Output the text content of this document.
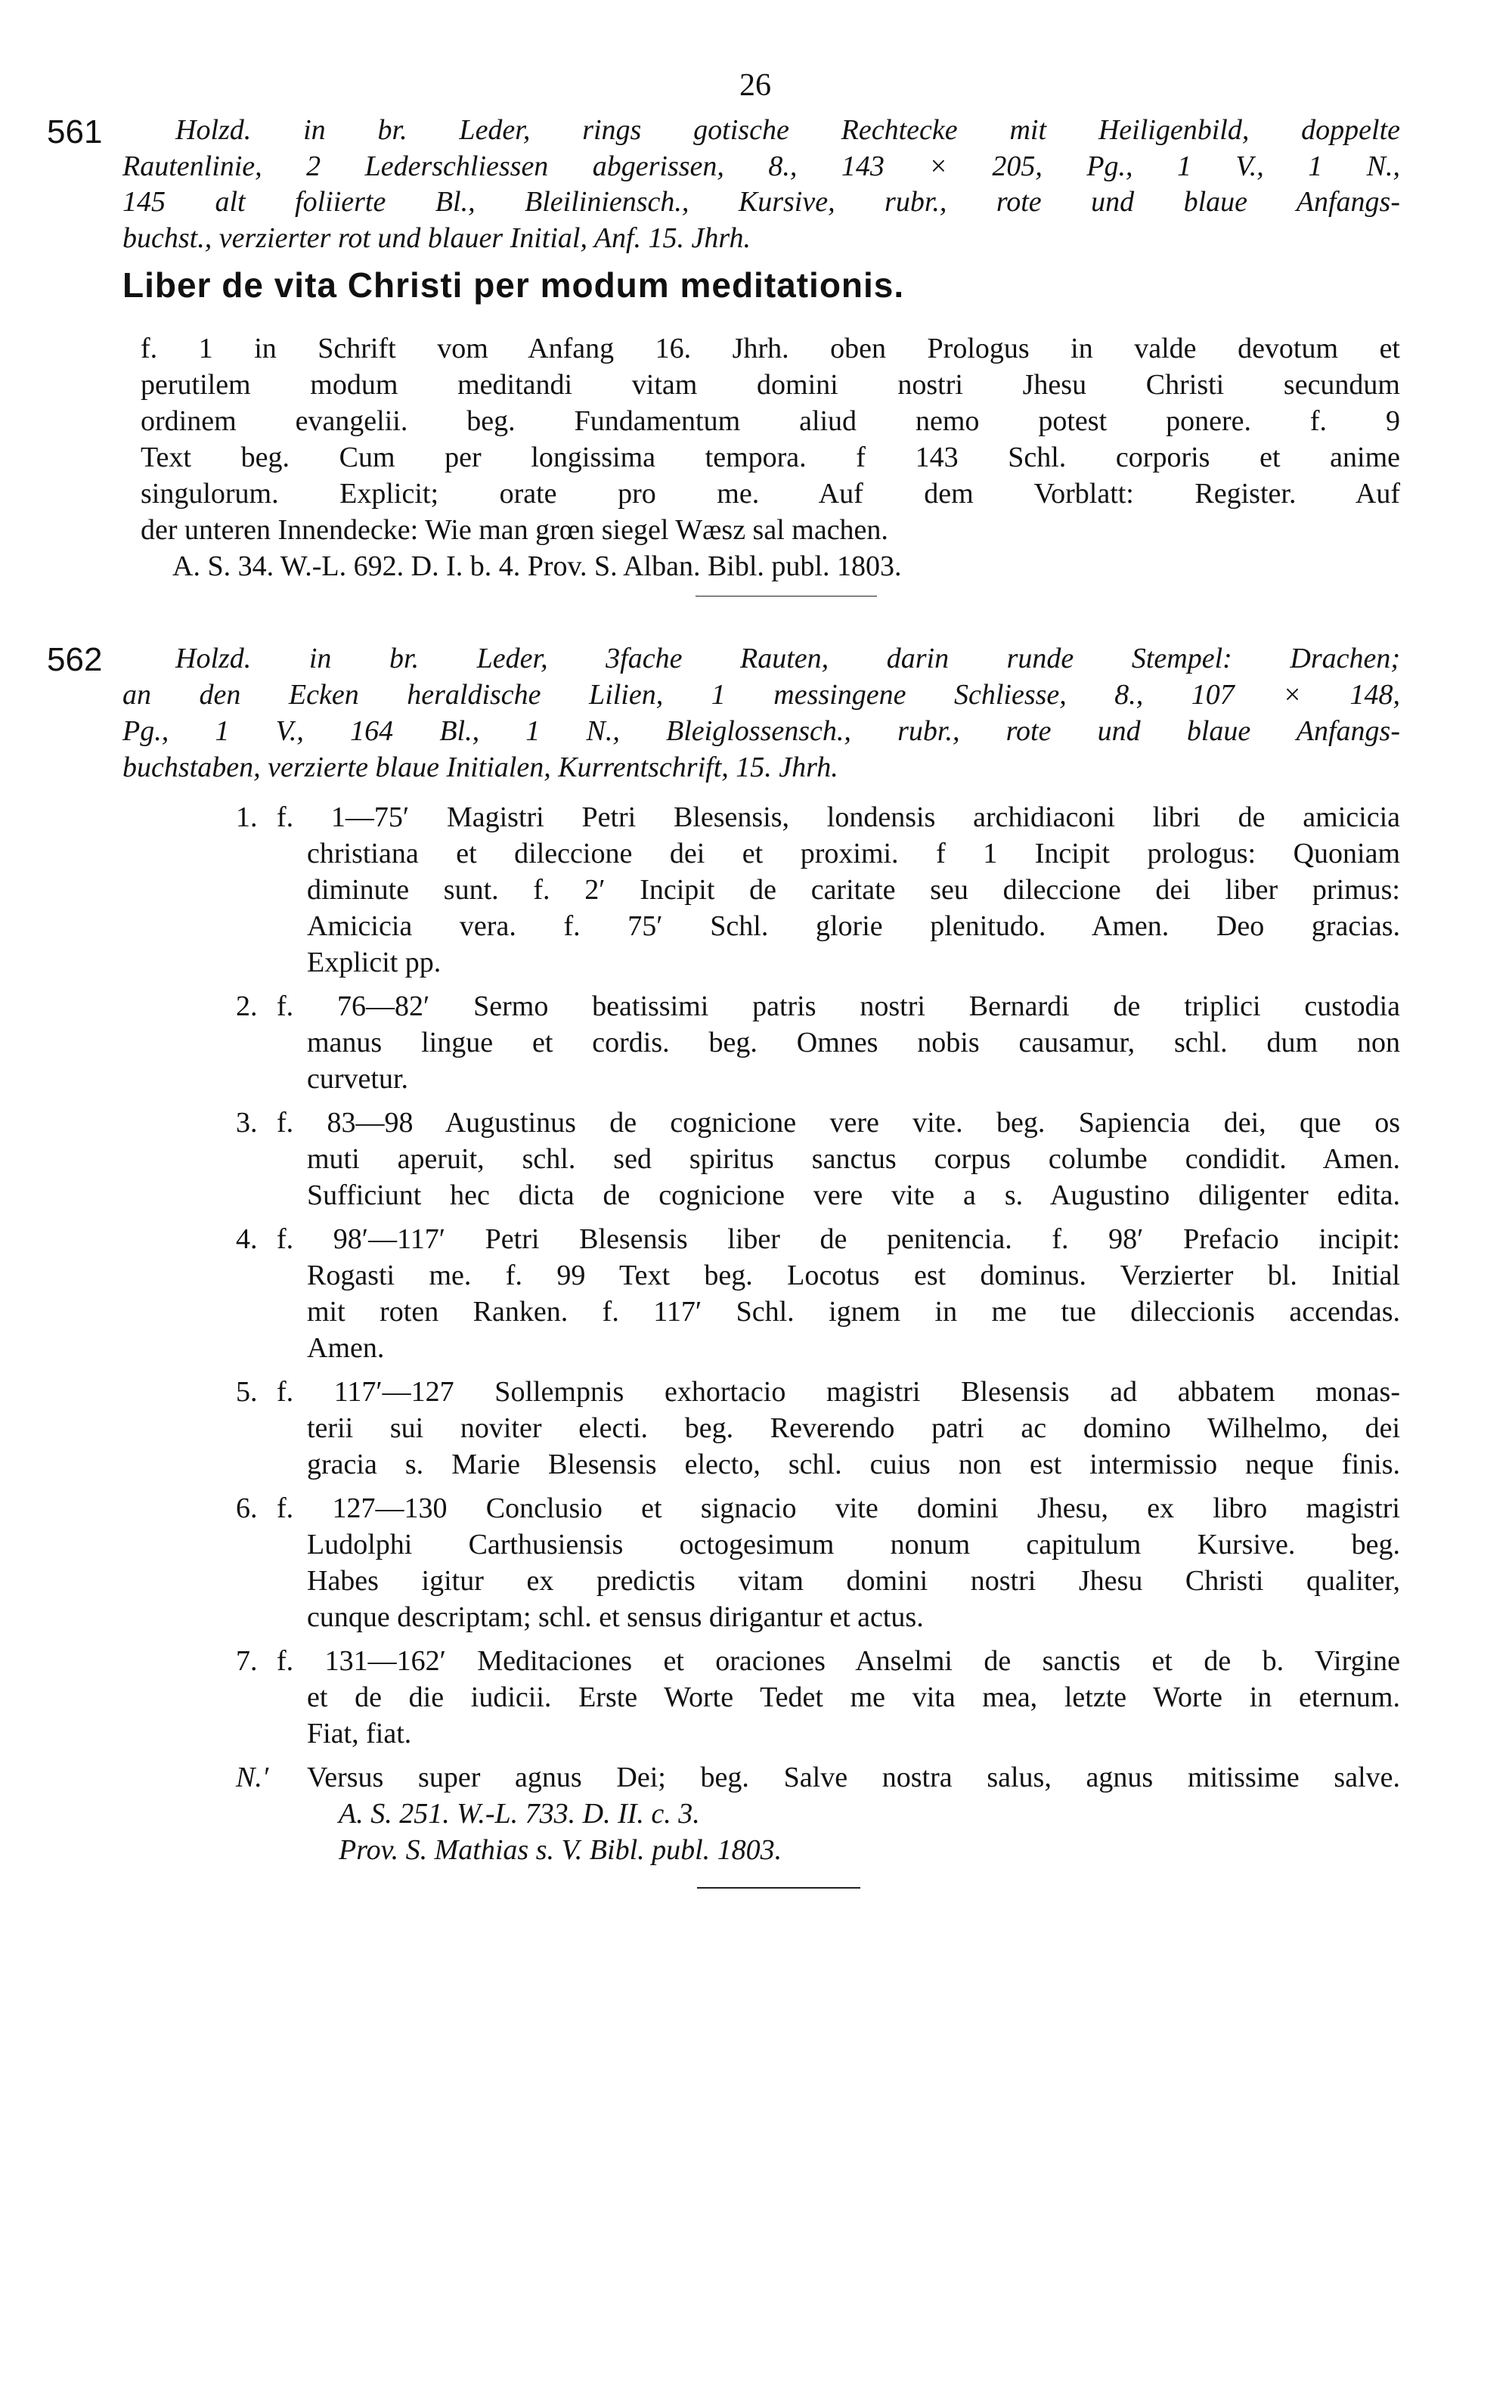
26
561	Holzd. in br. Leder, rings gotische Rechtecke mit Heiligenbild, doppelte
Rautenlinie, 2 Lederschliessen abgerissen, 8., 143 × 205, Pg., 1 V., 1 N.,
145 alt foliierte Bl., Bleiliniensch., Kursive, rubr., rote und blaue Anfangs-
buchst., verzierter rot und blauer Initial, Anf. 15. Jhrh.
Liber de vita Christi per modum meditationis.
f. 1 in Schrift vom Anfang 16. Jhrh. oben Prologus in valde devotum et
perutilem modum meditandi vitam domini nostri Jhesu Christi secundum
ordinem evangelii. beg. Fundamentum aliud nemo potest ponere. f. 9
Text beg. Cum per longissima tempora. f 143 Schl. corporis et anime
singulorum. Explicit; orate pro me. Auf dem Vorblatt: Register. Auf
der unteren Innendecke: Wie man grœn siegel Wæsz sal machen.
A. S. 34. W.-L. 692. D. I. b. 4. Prov. S. Alban. Bibl. publ. 1803.
562	Holzd. in br. Leder, 3fache Rauten, darin runde Stempel: Drachen;
an den Ecken heraldische Lilien, 1 messingene Schliesse, 8., 107 × 148,
Pg., 1 V., 164 Bl., 1 N., Bleiglossensch., rubr., rote und blaue Anfangs-
buchstaben, verzierte blaue Initialen, Kurrentschrift, 15. Jhrh.
1. f. 1—75′ Magistri Petri Blesensis, londensis archidiaconi libri de amicicia
christiana et dileccione dei et proximi. f 1 Incipit prologus: Quoniam
diminute sunt. f. 2′ Incipit de caritate seu dileccione dei liber primus:
Amicicia vera. f. 75′ Schl. glorie plenitudo. Amen. Deo gracias.
Explicit pp.
2. f. 76—82′ Sermo beatissimi patris nostri Bernardi de triplici custodia
manus lingue et cordis. beg. Omnes nobis causamur, schl. dum non
curvetur.
3. f. 83—98 Augustinus de cognicione vere vite. beg. Sapiencia dei, que os
muti aperuit, schl. sed spiritus sanctus corpus columbe condidit. Amen.
Sufficiunt hec dicta de cognicione vere vite a s. Augustino diligenter edita.
4. f. 98′—117′ Petri Blesensis liber de penitencia. f. 98′ Prefacio incipit:
Rogasti me. f. 99 Text beg. Locotus est dominus. Verzierter bl. Initial
mit roten Ranken. f. 117′ Schl. ignem in me tue dileccionis accendas.
Amen.
5. f. 117′—127 Sollempnis exhortacio magistri Blesensis ad abbatem monas-
terii sui noviter electi. beg. Reverendo patri ac domino Wilhelmo, dei
gracia s. Marie Blesensis electo, schl. cuius non est intermissio neque finis.
6. f. 127—130 Conclusio et signacio vite domini Jhesu, ex libro magistri
Ludolphi Carthusiensis octogesimum nonum capitulum Kursive. beg.
Habes igitur ex predictis vitam domini nostri Jhesu Christi qualiter,
cunque descriptam; schl. et sensus dirigantur et actus.
7. f. 131—162′ Meditaciones et oraciones Anselmi de sanctis et de b. Virgine
et de die iudicii. Erste Worte Tedet me vita mea, letzte Worte in eternum.
Fiat, fiat.
N.′ Versus super agnus Dei; beg. Salve nostra salus, agnus mitissime salve.
A. S. 251. W.-L. 733. D. II. c. 3.
Prov. S. Mathias s. V. Bibl. publ. 1803.
